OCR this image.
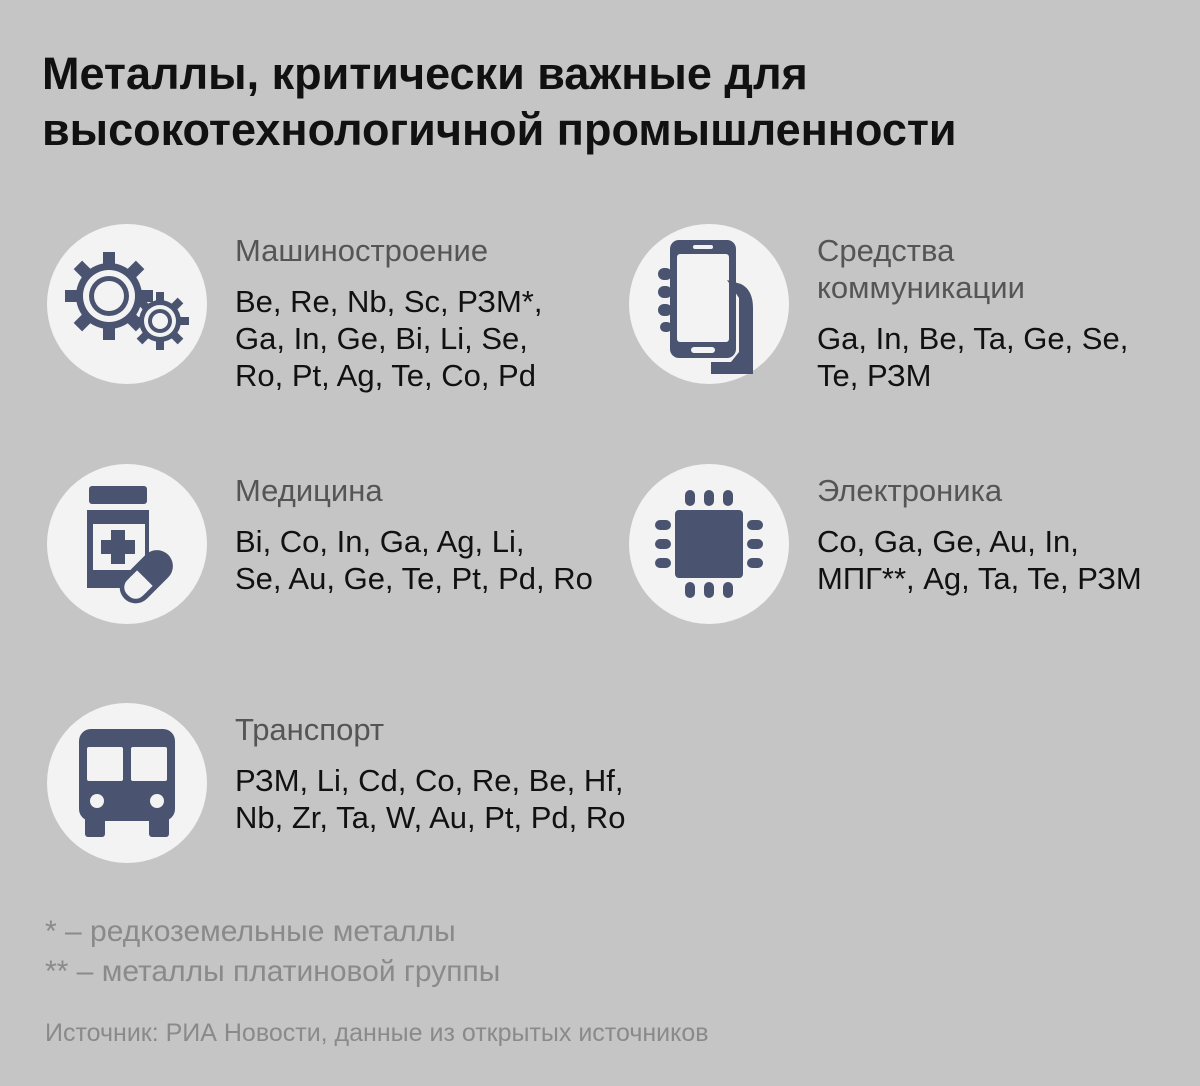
Металлы, критически важные для
высокотехнологичной промышленности
Машиностроение
Be, Re, Nb, Sc, РЗМ*,
Ga, In, Ge, Bi, Li, Se,
Ro, Pt, Ag, Te, Co, Pd
Средства
коммуникации
Ga, In, Be, Ta, Ge, Se,
Te, РЗМ
Медицина
Bi, Co, In, Ga, Ag, Li,
Se, Au, Ge, Te, Pt, Pd, Ro
Электроника
Co, Ga, Ge, Au, In,
МПГ**, Ag, Ta, Te, РЗМ
Транспорт
РЗМ, Li, Cd, Co, Re, Be, Hf,
Nb, Zr, Ta, W, Au, Pt, Pd, Ro
* – редкоземельные металлы
** – металлы платиновой группы
Источник: РИА Новости, данные из открытых источников
